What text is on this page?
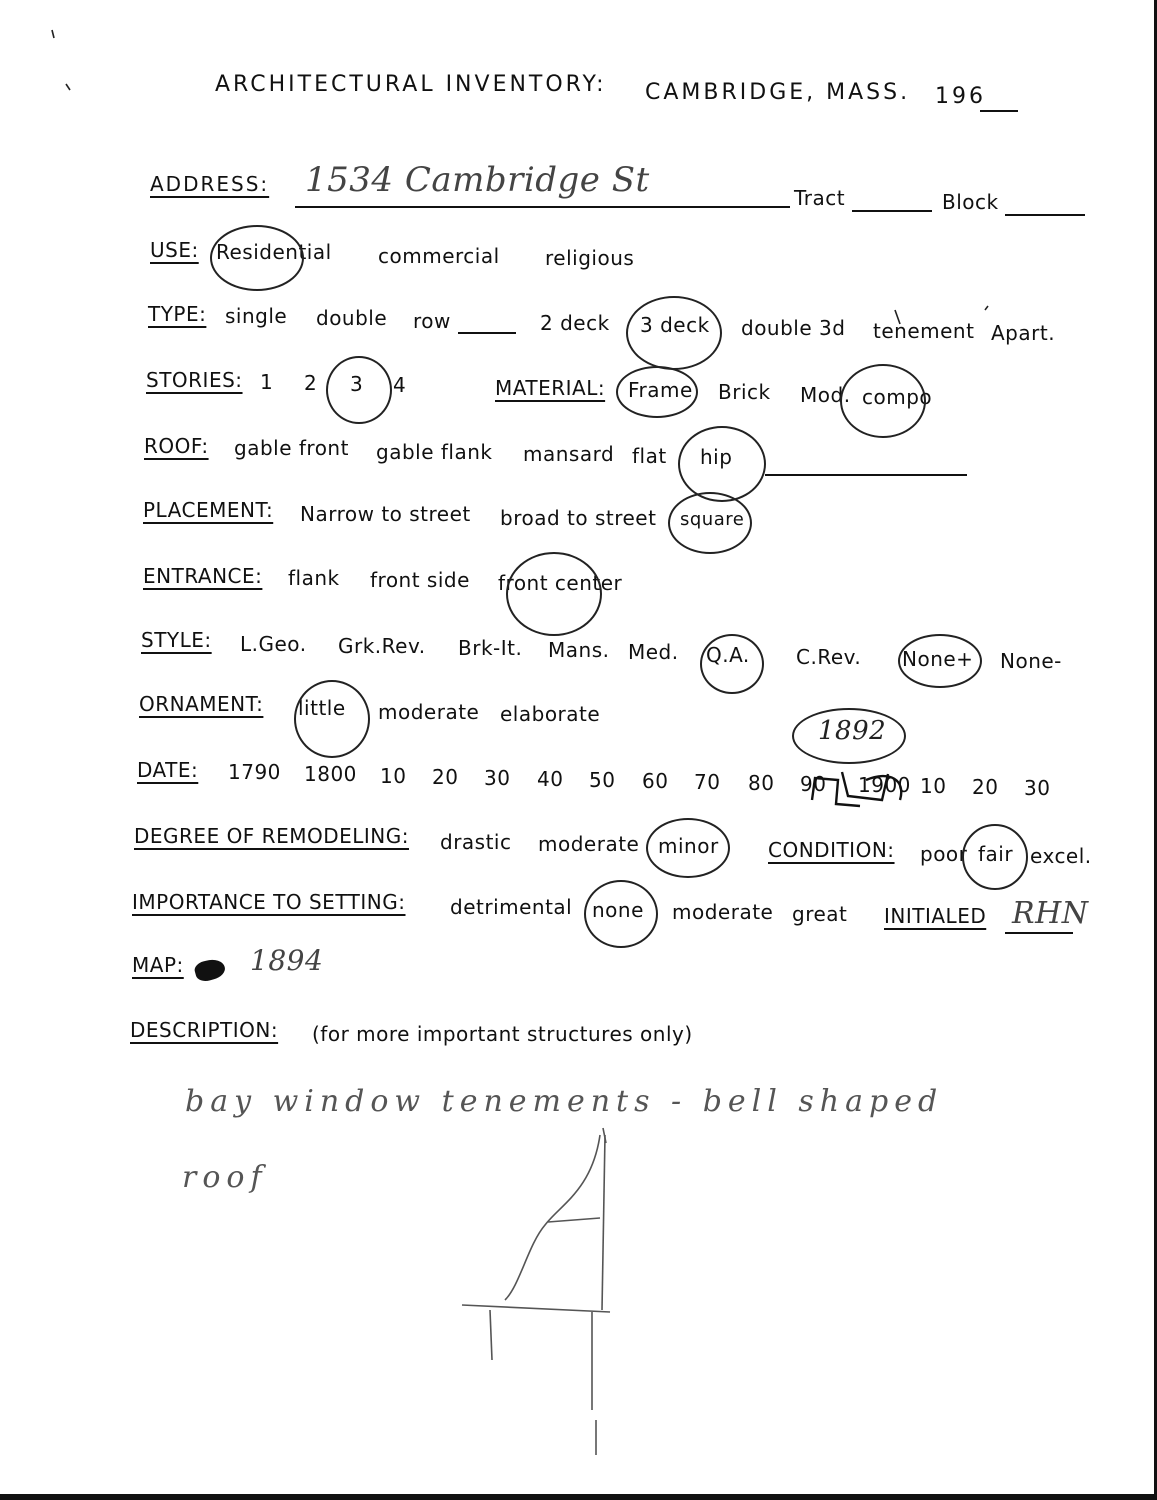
ARCHITECTURAL INVENTORY: CAMBRIDGE, MASS. 196
ADDRESS: 1534 Cambridge St	Tract	Block
USE: Residential commercial religious
TYPE: single double row	2 deck 3 deck double 3d tenement Apart.
STORIES: 1 2 3 4	MATERIAL: Frame Brick Mod. compo
ROOF: gable front gable flank mansard flat hip
PLACEMENT: Narrow to street broad to street square
ENTRANCE: flank front side front center
STYLE: L.Geo. Grk.Rev. Brk-It. Mans. Med. Q.A. C.Rev. None+ None-
ORNAMENT: little moderate elaborate
1892
DATE: 1790 1800 10 20 30 40 50 60 70 80 90 1900 10 20 30
DEGREE OF REMODELING: drastic moderate minor CONDITION: poor fair excel.
IMPORTANCE TO SETTING: detrimental none moderate great INITIALED RHN
MAP: 1894
DESCRIPTION: (for more important structures only)
bay window tenements - bell shaped
roof
